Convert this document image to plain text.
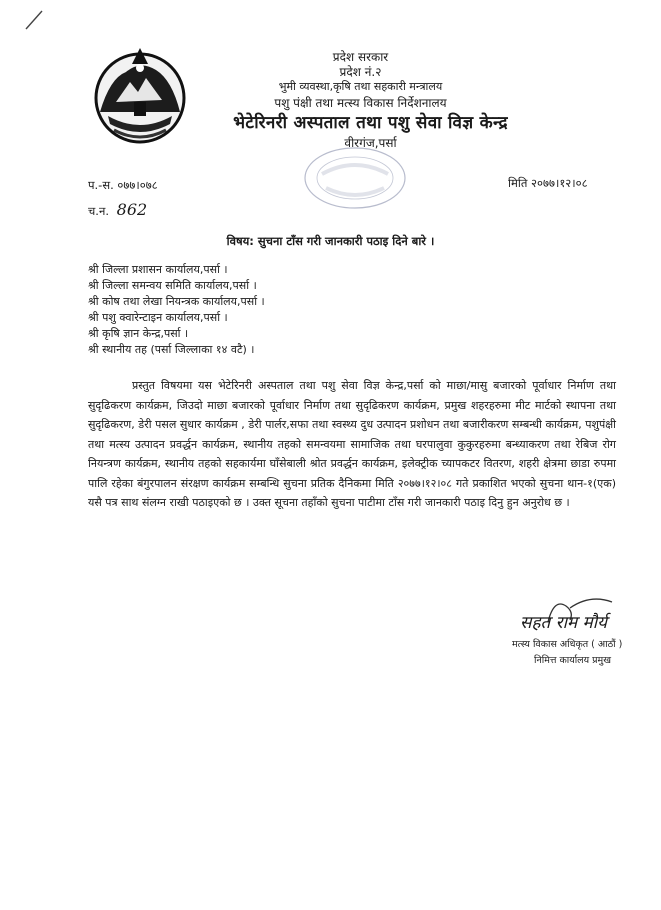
प्रदेश सरकार
प्रदेश नं.२
भुमी व्यवस्था,कृषि तथा सहकारी मन्त्रालय
पशु पंक्षी तथा मत्स्य विकास निर्देशनालय
भेटेरिनरी अस्पताल तथा पशु सेवा विज्ञ केन्द्र
वीरगंज,पर्सा
प.-स. ०७७।०७८	मिति २०७७।१२।०८
च.न. 862
विषय: सुचना टाँस गरी जानकारी पठाइ दिने बारे ।
श्री जिल्ला प्रशासन कार्यालय,पर्सा ।
श्री जिल्ला समन्वय समिति कार्यालय,पर्सा ।
श्री कोष तथा लेखा नियन्त्रक कार्यालय,पर्सा ।
श्री पशु क्वारेन्टाइन कार्यालय,पर्सा ।
श्री कृषि ज्ञान केन्द्र,पर्सा ।
श्री स्थानीय तह (पर्सा जिल्लाका १४ वटै) ।

प्रस्तुत विषयमा यस भेटेरिनरी अस्पताल तथा पशु सेवा विज्ञ केन्द्र,पर्सा को माछा/मासु बजारको पूर्वाधार निर्माण तथा सुदृढिकरण कार्यक्रम, जिउदो माछा बजारको पूर्वाधार निर्माण तथा सुदृढिकरण कार्यक्रम, प्रमुख शहरहरुमा मीट मार्टको स्थापना तथा सुदृढिकरण, डेरी पसल सुधार कार्यक्रम , डेरी पार्लर,सफा तथा स्वस्थ्य दुध उत्पादन प्रशोधन तथा बजारीकरण सम्बन्धी कार्यक्रम, पशुपंक्षी तथा मत्स्य उत्पादन प्रवर्द्धन कार्यक्रम, स्थानीय तहको समन्वयमा सामाजिक तथा घरपालुवा कुकुरहरुमा बन्ध्याकरण तथा रेबिज रोग नियन्त्रण कार्यक्रम, स्थानीय तहको सहकार्यमा घाँसेबाली श्रोत प्रवर्द्धन कार्यक्रम, इलेक्ट्रीक च्यापकटर वितरण, शहरी क्षेत्रमा छाडा रुपमा पालि रहेका बंगुरपालन संरक्षण कार्यक्रम सम्बन्धि सुचना प्रतिक दैनिकमा मिति २०७७।१२।०८ गते प्रकाशित भएको सुचना थान-१(एक) यसै पत्र साथ संलग्न राखी पठाइएको छ । उक्त सूचना तहाँको सुचना पाटीमा टाँस गरी जानकारी पठाइ दिनु हुन अनुरोध छ ।

सहत राम मौर्य
मत्स्य विकास अधिकृत ( आठौं )
निमित्त कार्यालय प्रमुख
